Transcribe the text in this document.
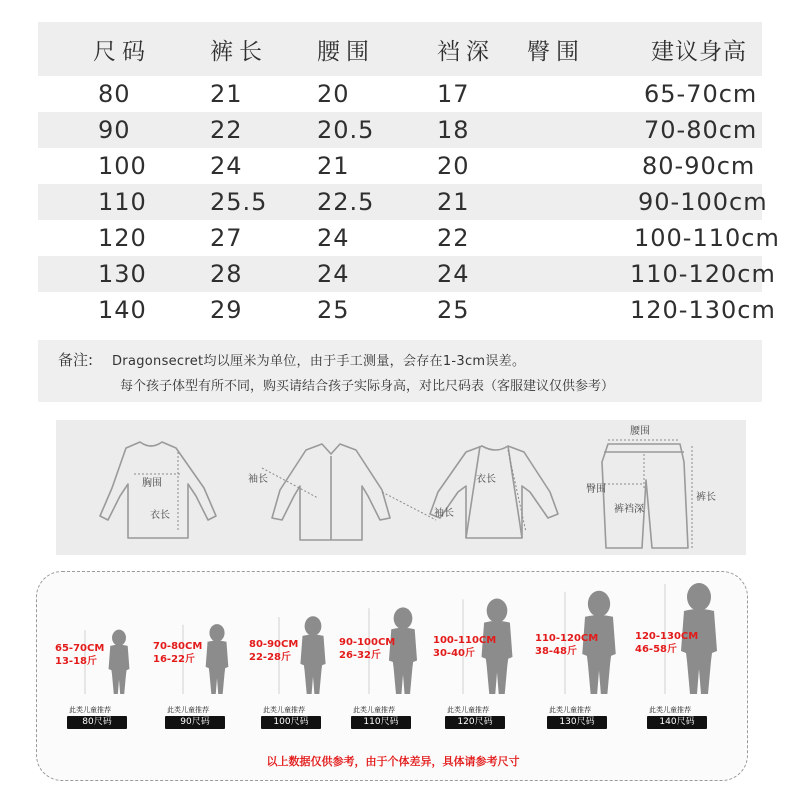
尺码	裤长	腰围	裆深	臀围	建议身高
80	21	20	17		65-70cm
90	22	20.5	18		70-80cm
100	24	21	20		80-90cm
110	25.5	22.5	21		90-100cm
120	27	24	22		100-110cm
130	28	24	24		110-120cm
140	29	25	25		120-130cm
备注: Dragonsecret均以厘米为单位，由于手工测量，会存在1-3cm误差。
每个孩子体型有所不同，购买请结合孩子实际身高，对比尺码表（客服建议仅供参考）
胸围
衣长
袖长	衣长
袖长
腰围
臀围
裤长
裤裆深
65-70CM
13-18斤
此类儿童推荐
80尺码
70-80CM
16-22斤
此类儿童推荐
90尺码
80-90CM
22-28斤
此类儿童推荐
100尺码
90-100CM
26-32斤
此类儿童推荐
110尺码
100-110CM
30-40斤
此类儿童推荐
120尺码
110-120CM
38-48斤
此类儿童推荐
130尺码
120-130CM
46-58斤
此类儿童推荐
140尺码
以上数据仅供参考，由于个体差异，具体请参考尺寸
